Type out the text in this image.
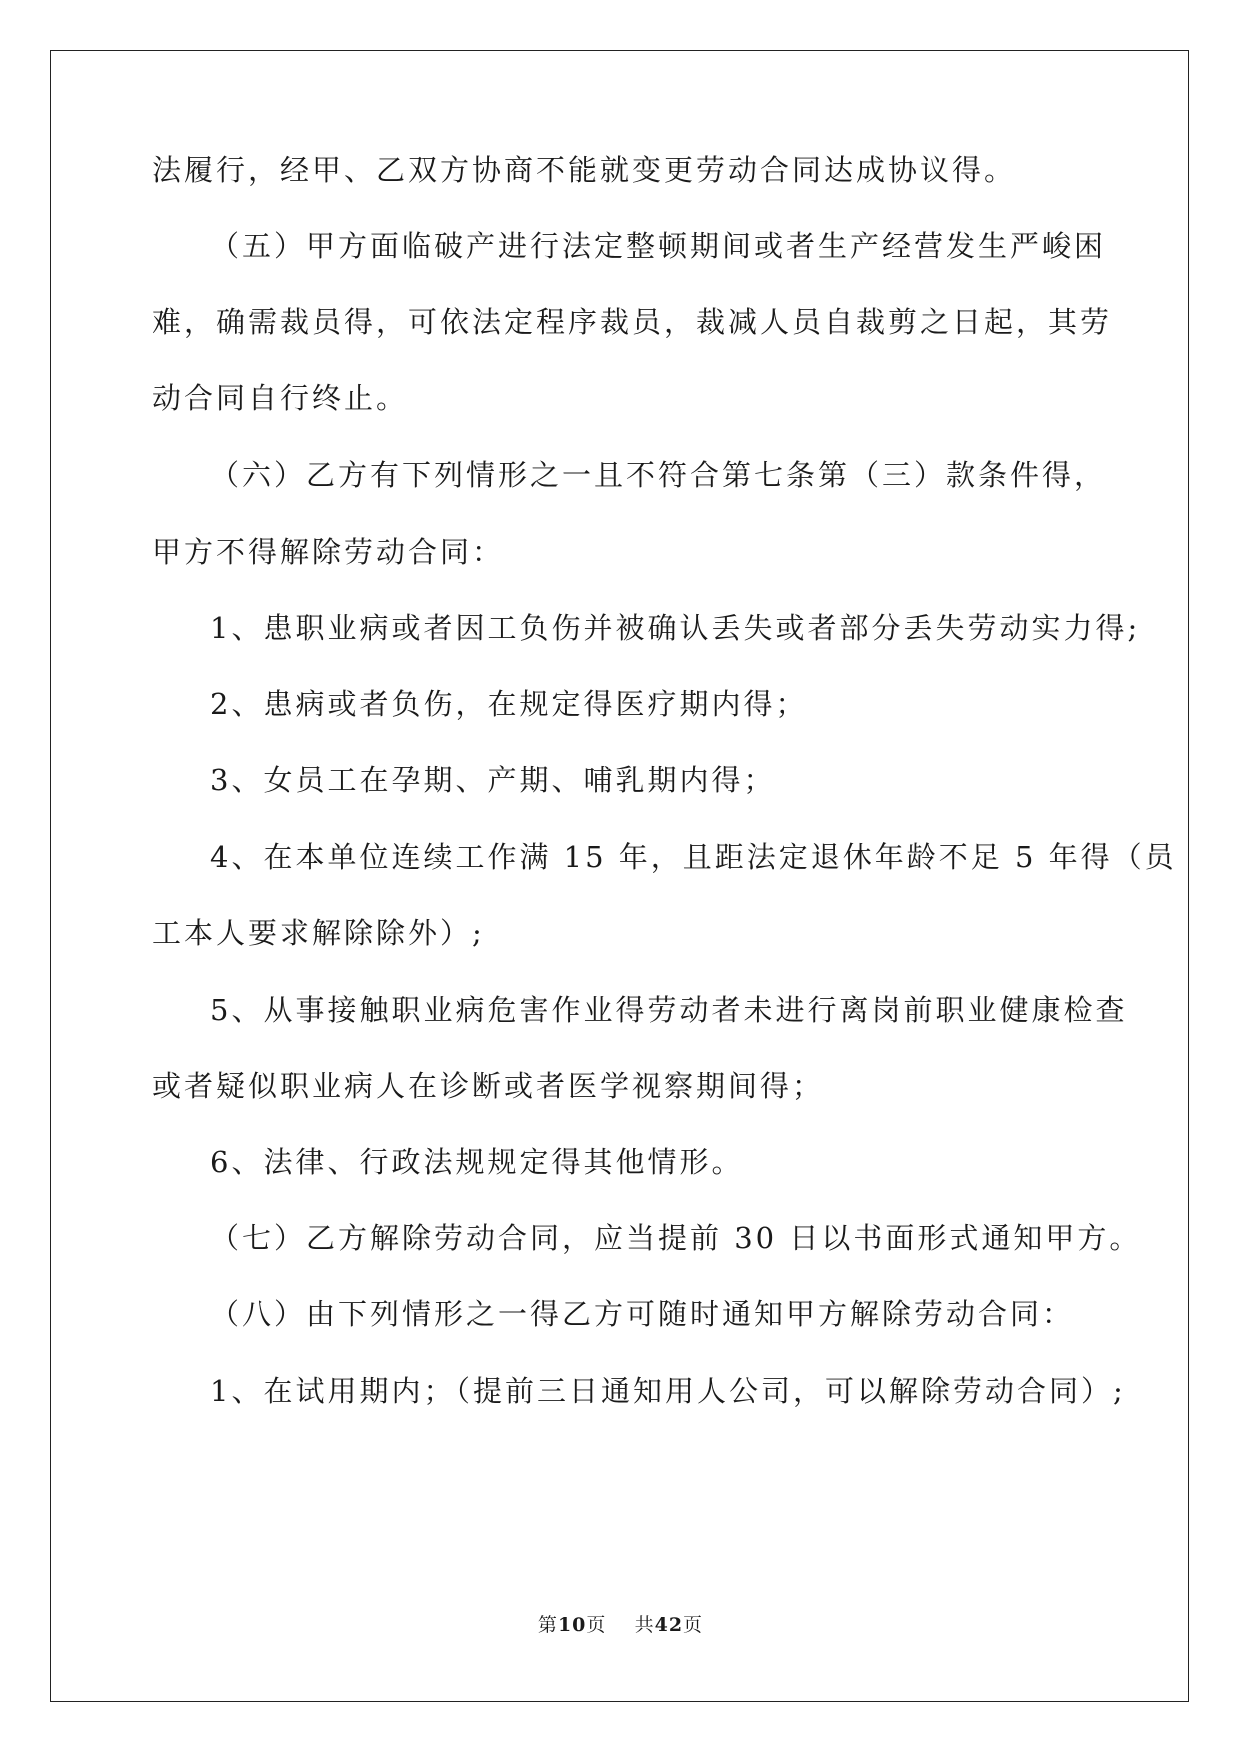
法履行，经甲、乙双方协商不能就变更劳动合同达成协议得。
（五）甲方面临破产进行法定整顿期间或者生产经营发生严峻困
难，确需裁员得，可依法定程序裁员，裁减人员自裁剪之日起，其劳
动合同自行终止。
（六）乙方有下列情形之一且不符合第七条第（三）款条件得，
甲方不得解除劳动合同：
1、患职业病或者因工负伤并被确认丢失或者部分丢失劳动实力得;
2、患病或者负伤，在规定得医疗期内得；
3、女员工在孕期、产期、哺乳期内得；
4、在本单位连续工作满 15 年，且距法定退休年龄不足 5 年得（员
工本人要求解除除外）;
5、从事接触职业病危害作业得劳动者未进行离岗前职业健康检查
或者疑似职业病人在诊断或者医学视察期间得；
6、法律、行政法规规定得其他情形。
（七）乙方解除劳动合同，应当提前 30 日以书面形式通知甲方。
（八）由下列情形之一得乙方可随时通知甲方解除劳动合同：
1、在试用期内；（提前三日通知用人公司，可以解除劳动合同）;
第10页 共42页
